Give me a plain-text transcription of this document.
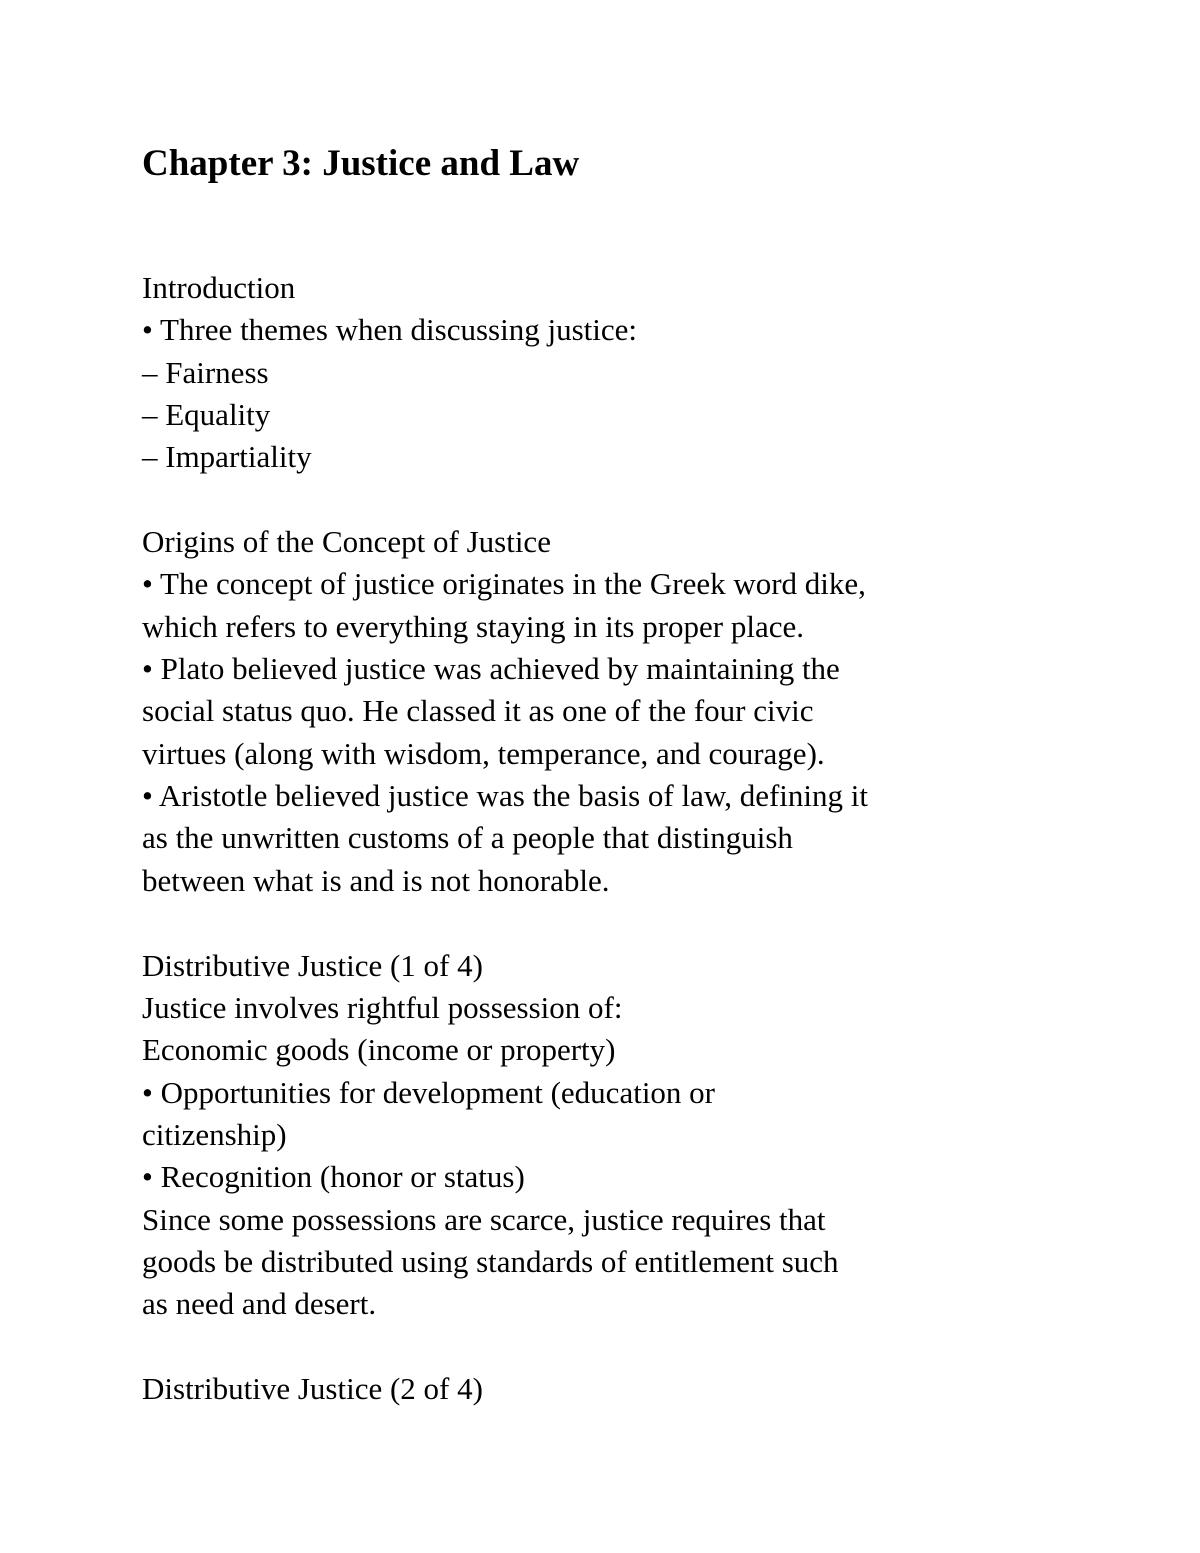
Chapter 3: Justice and Law

Introduction

• Three themes when discussing justice:

– Fairness

– Equality

– Impartiality

Origins of the Concept of Justice

• The concept of justice originates in the Greek word dike,

which refers to everything staying in its proper place.

• Plato believed justice was achieved by maintaining the

social status quo. He classed it as one of the four civic

virtues (along with wisdom, temperance, and courage).

• Aristotle believed justice was the basis of law, defining it

as the unwritten customs of a people that distinguish

between what is and is not honorable.

Distributive Justice (1 of 4)

Justice involves rightful possession of:

Economic goods (income or property)

• Opportunities for development (education or

citizenship)

• Recognition (honor or status)

Since some possessions are scarce, justice requires that

goods be distributed using standards of entitlement such

as need and desert.

Distributive Justice (2 of 4)
